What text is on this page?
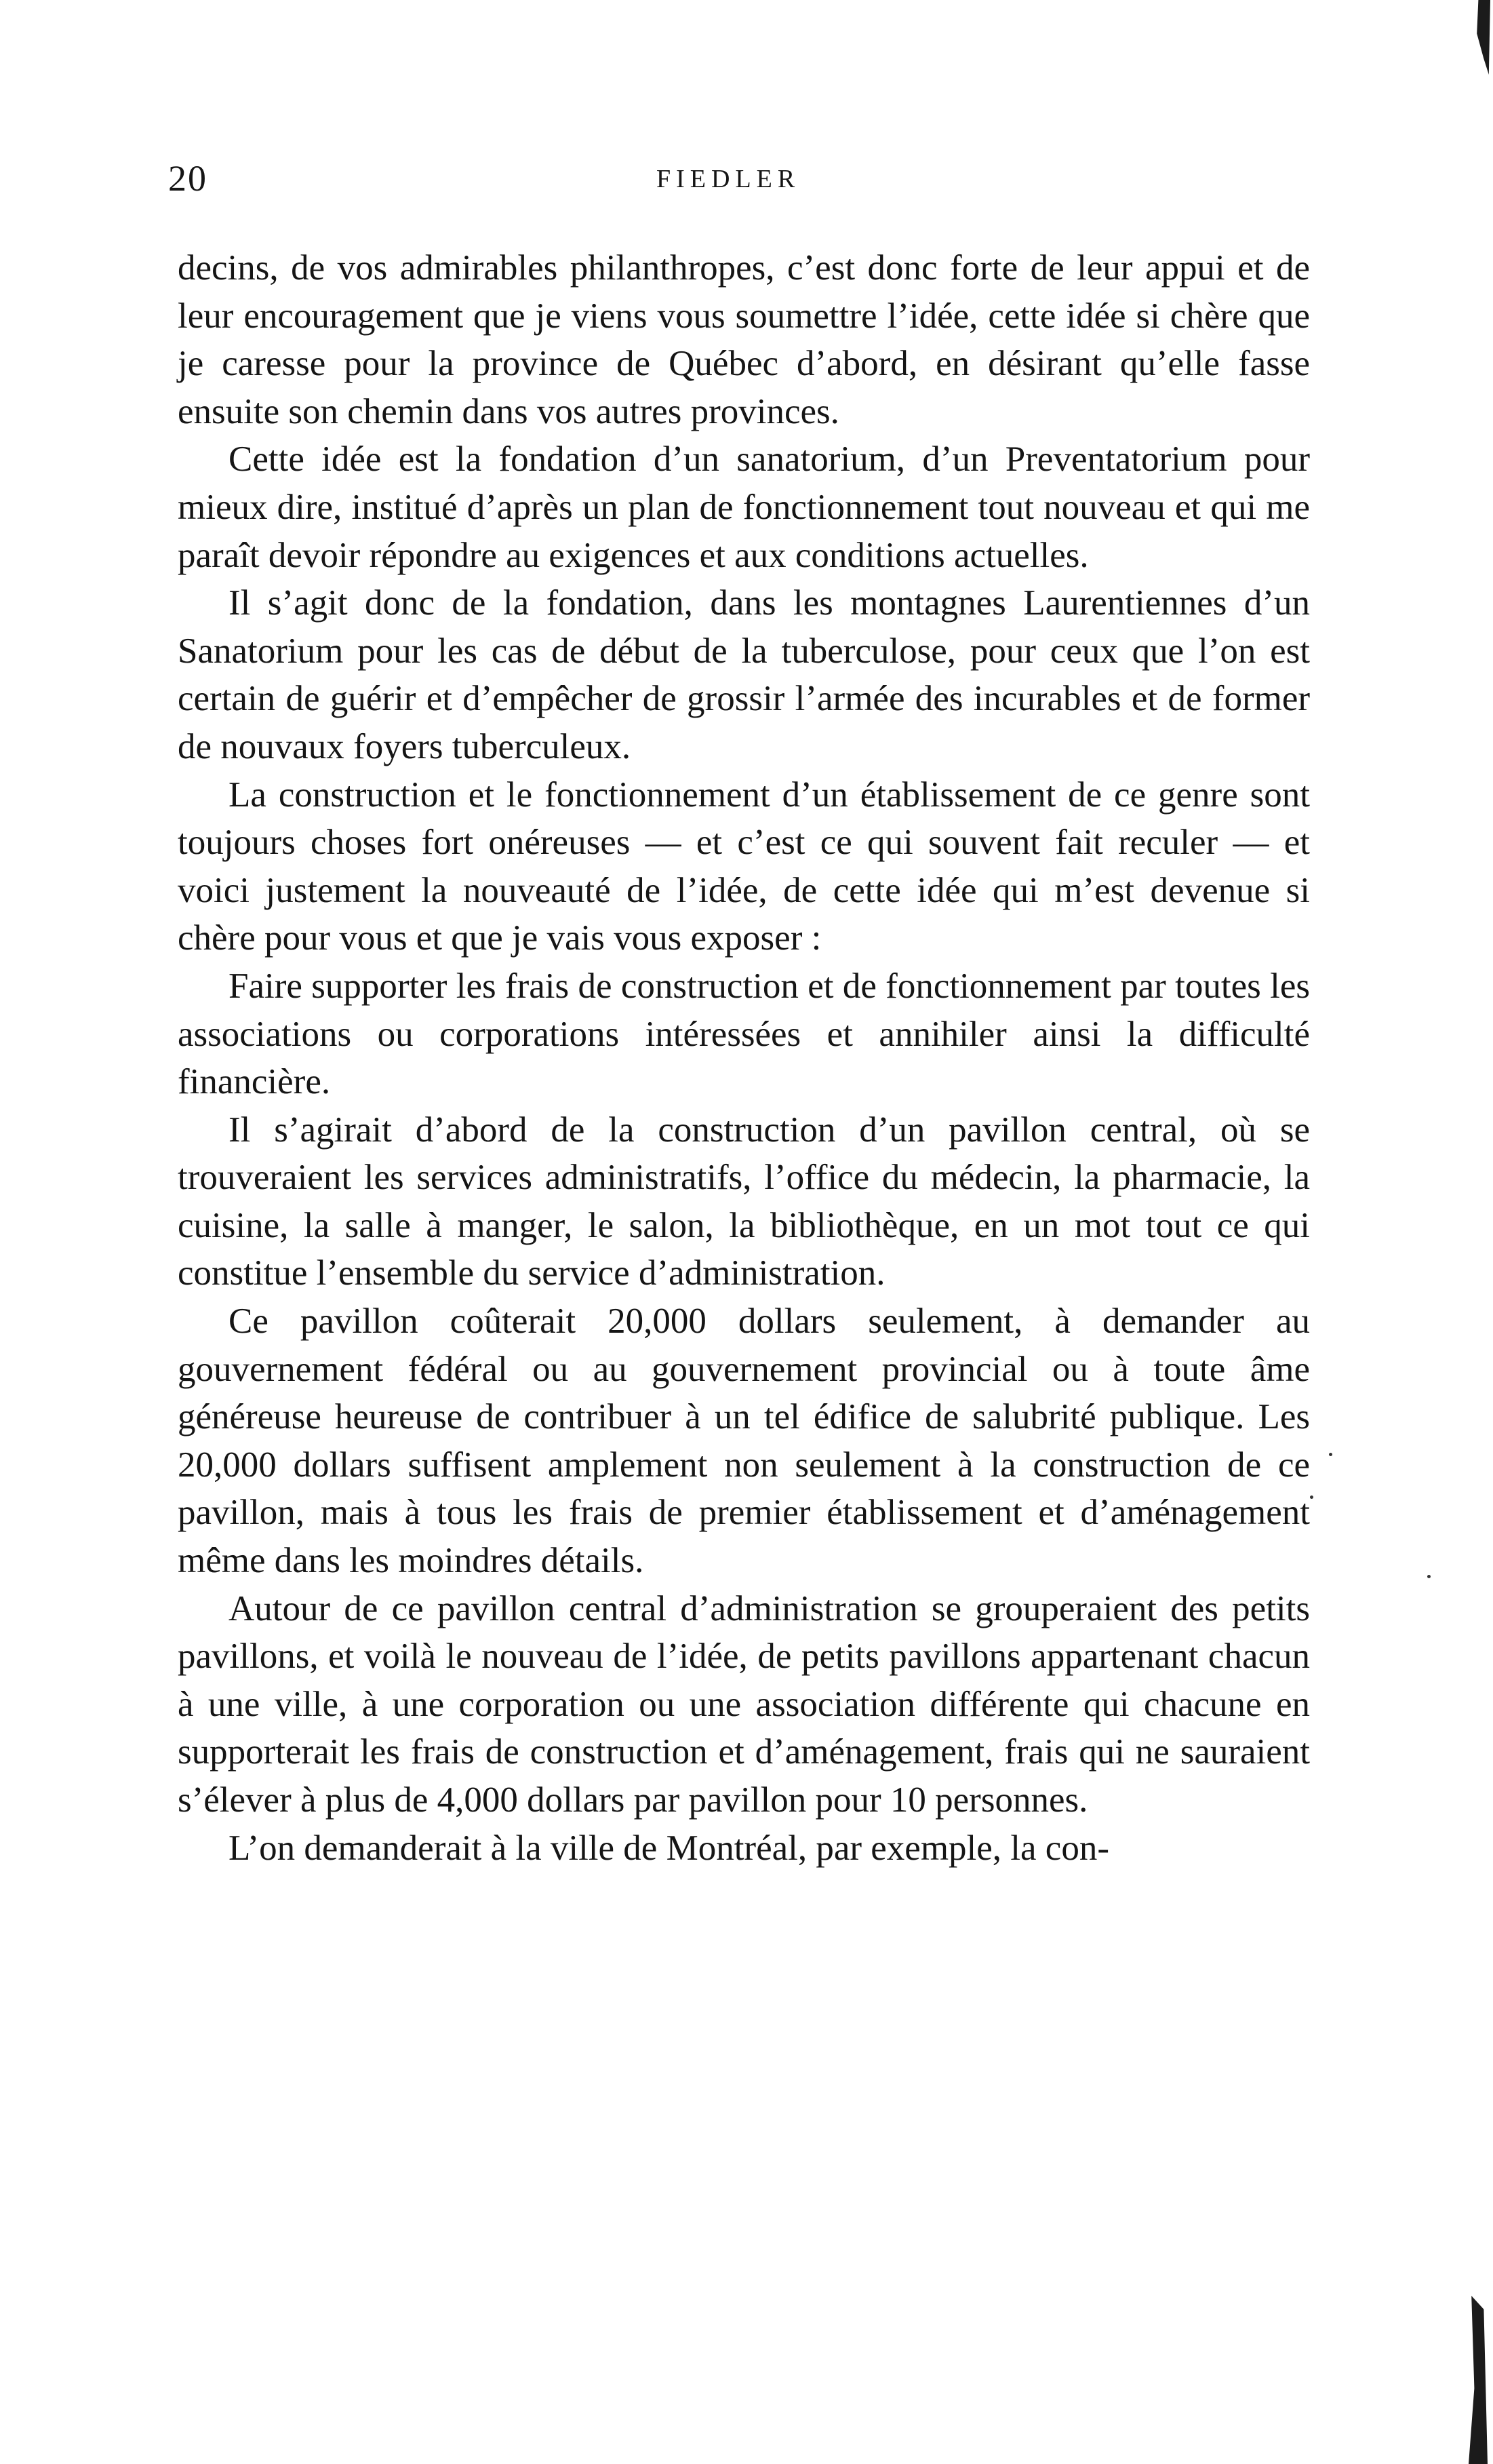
20	FIEDLER

decins, de vos admirables philanthropes, c’est donc forte de leur appui et de leur encouragement que je viens vous soumettre l’idée, cette idée si chère que je caresse pour la province de Québec d’abord, en désirant qu’elle fasse ensuite son chemin dans vos autres provinces.

Cette idée est la fondation d’un sanatorium, d’un Preventatorium pour mieux dire, institué d’après un plan de fonctionnement tout nouveau et qui me paraît devoir répondre au exigences et aux conditions actuelles.

Il s’agit donc de la fondation, dans les montagnes Laurentiennes d’un Sanatorium pour les cas de début de la tuberculose, pour ceux que l’on est certain de guérir et d’empêcher de grossir l’armée des incurables et de former de nouvaux foyers tuberculeux.

La construction et le fonctionnement d’un établissement de ce genre sont toujours choses fort onéreuses — et c’est ce qui souvent fait reculer — et voici justement la nouveauté de l’idée, de cette idée qui m’est devenue si chère pour vous et que je vais vous exposer :

Faire supporter les frais de construction et de fonctionnement par toutes les associations ou corporations intéressées et annihiler ainsi la difficulté financière.

Il s’agirait d’abord de la construction d’un pavillon central, où se trouveraient les services administratifs, l’office du médecin, la pharmacie, la cuisine, la salle à manger, le salon, la bibliothèque, en un mot tout ce qui constitue l’ensemble du service d’administration.

Ce pavillon coûterait 20,000 dollars seulement, à demander au gouvernement fédéral ou au gouvernement provincial ou à toute âme généreuse heureuse de contribuer à un tel édifice de salubrité publique. Les 20,000 dollars suffisent amplement non seulement à la construction de ce pavillon, mais à tous les frais de premier établissement et d’aménagement même dans les moindres détails.

Autour de ce pavillon central d’administration se grouperaient des petits pavillons, et voilà le nouveau de l’idée, de petits pavillons appartenant chacun à une ville, à une corporation ou une association différente qui chacune en supporterait les frais de construction et d’aménagement, frais qui ne sauraient s’élever à plus de 4,000 dollars par pavillon pour 10 personnes.

L’on demanderait à la ville de Montréal, par exemple, la con-
